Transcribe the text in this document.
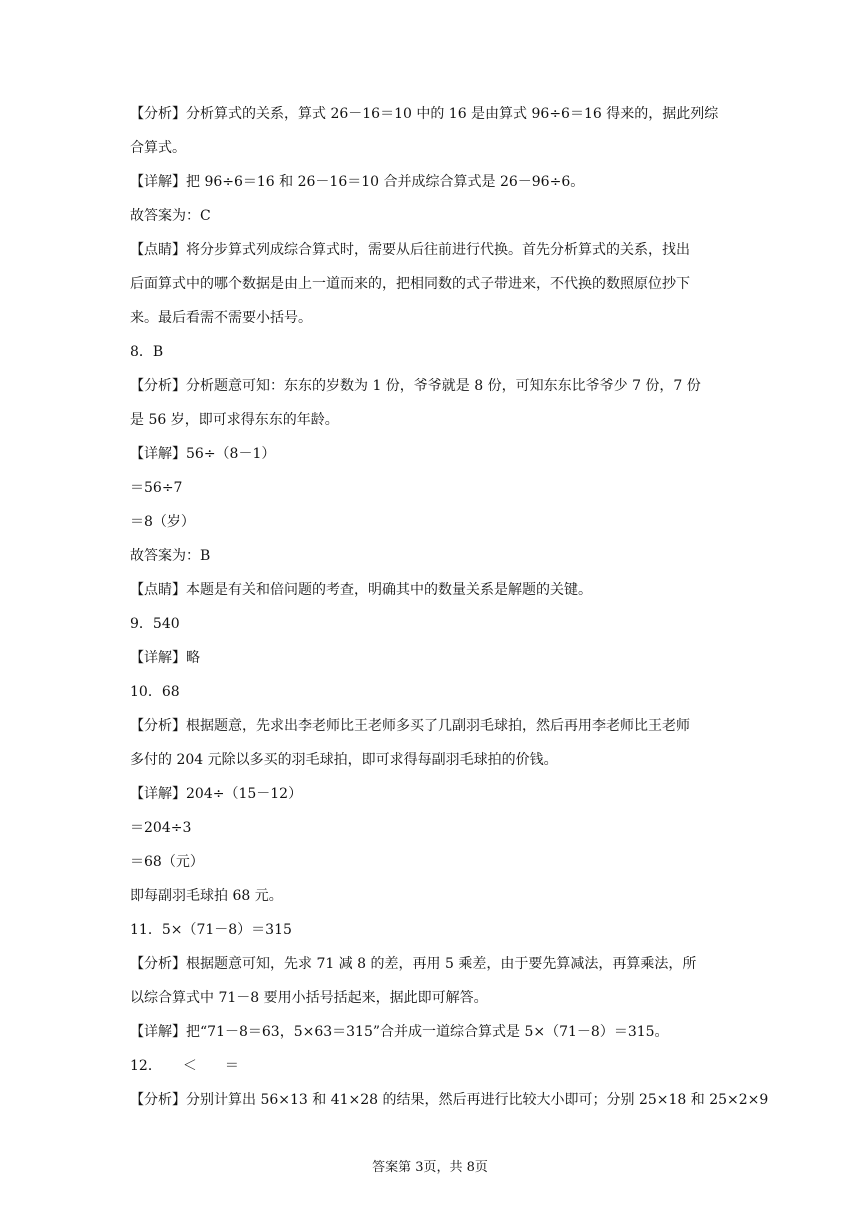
【分析】分析算式的关系，算式 26－16＝10 中的 16 是由算式 96÷6＝16 得来的，据此列综
合算式。
【详解】把 96÷6＝16 和 26－16＝10 合并成综合算式是 26－96÷6。
故答案为：C
【点睛】将分步算式列成综合算式时，需要从后往前进行代换。首先分析算式的关系，找出
后面算式中的哪个数据是由上一道而来的，把相同数的式子带进来，不代换的数照原位抄下
来。最后看需不需要小括号。
8．B
【分析】分析题意可知：东东的岁数为 1 份，爷爷就是 8 份，可知东东比爷爷少 7 份，7 份
是 56 岁，即可求得东东的年龄。
【详解】56÷（8－1）
＝56÷7
＝8（岁）
故答案为：B
【点睛】本题是有关和倍问题的考查，明确其中的数量关系是解题的关键。
9．540
【详解】略
10．68
【分析】根据题意，先求出李老师比王老师多买了几副羽毛球拍，然后再用李老师比王老师
多付的 204 元除以多买的羽毛球拍，即可求得每副羽毛球拍的价钱。
【详解】204÷（15－12）
＝204÷3
＝68（元）
即每副羽毛球拍 68 元。
11．5×（71－8）＝315
【分析】根据题意可知，先求 71 减 8 的差，再用 5 乘差，由于要先算减法，再算乘法，所
以综合算式中 71－8 要用小括号括起来，据此即可解答。
【详解】把“71－8＝63，5×63＝315”合并成一道综合算式是 5×（71－8）＝315。
12．　　＜　　＝
【分析】分别计算出 56×13 和 41×28 的结果，然后再进行比较大小即可；分别 25×18 和 25×2×9
答案第 3页，共 8页
